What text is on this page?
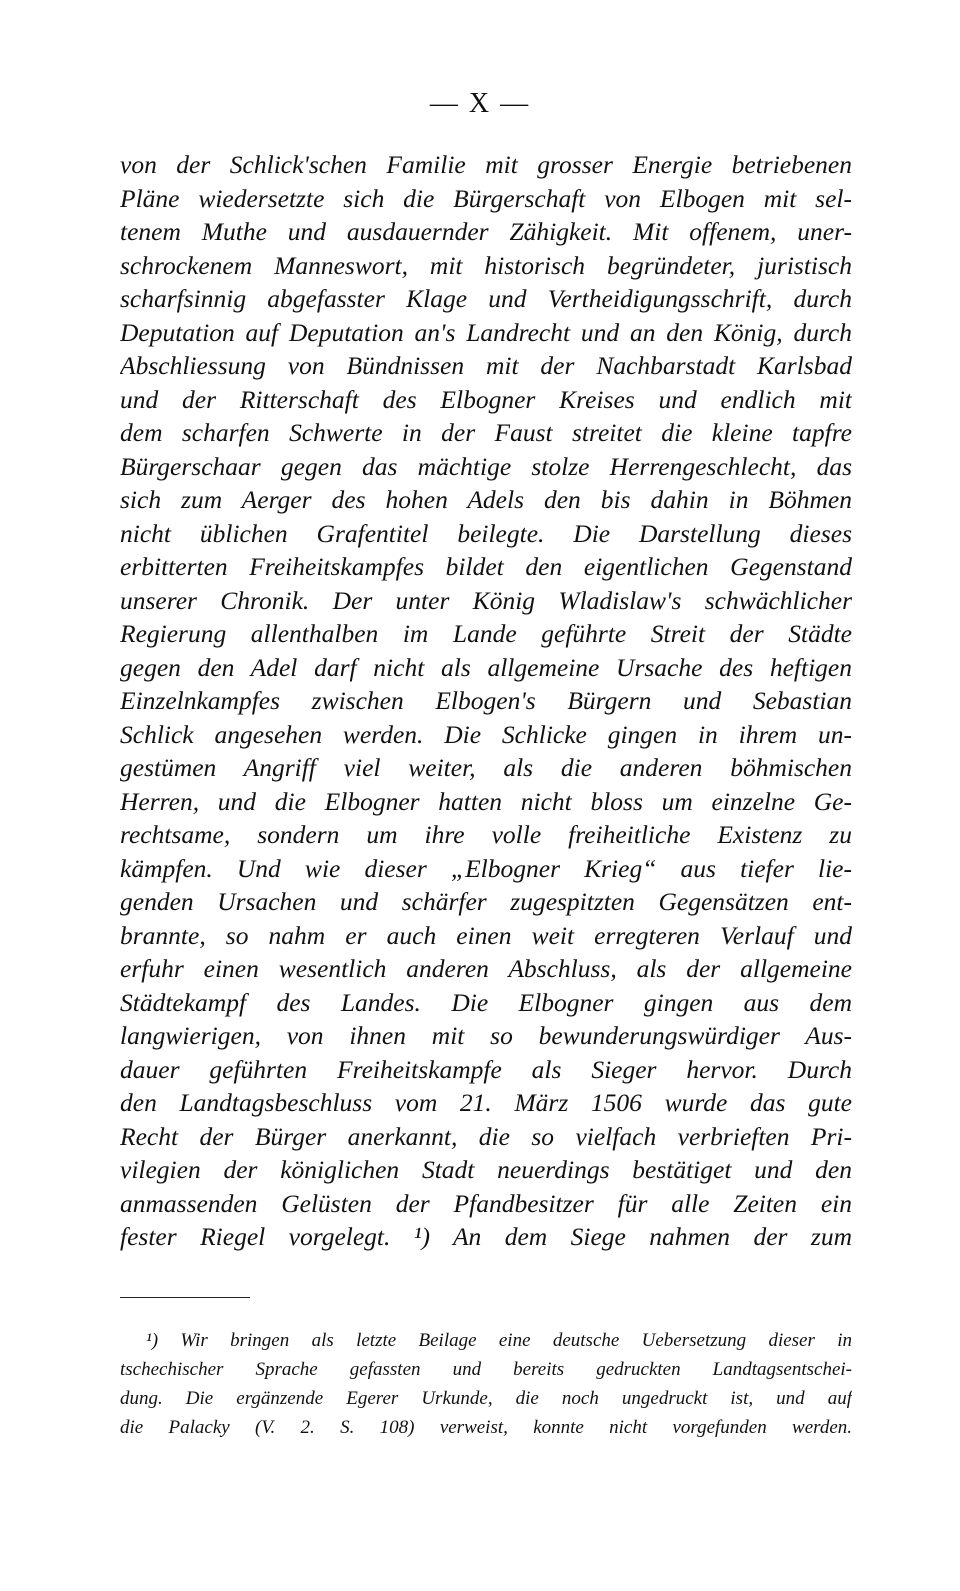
— X —
von der Schlick'schen Familie mit grosser Energie betriebenen
Pläne wiedersetzte sich die Bürgerschaft von Elbogen mit sel-
tenem Muthe und ausdauernder Zähigkeit. Mit offenem, uner-
schrockenem Manneswort, mit historisch begründeter, juristisch
scharfsinnig abgefasster Klage und Vertheidigungsschrift, durch
Deputation auf Deputation an's Landrecht und an den König, durch
Abschliessung von Bündnissen mit der Nachbarstadt Karlsbad
und der Ritterschaft des Elbogner Kreises und endlich mit
dem scharfen Schwerte in der Faust streitet die kleine tapfre
Bürgerschaar gegen das mächtige stolze Herrengeschlecht, das
sich zum Aerger des hohen Adels den bis dahin in Böhmen
nicht üblichen Grafentitel beilegte. Die Darstellung dieses
erbitterten Freiheitskampfes bildet den eigentlichen Gegenstand
unserer Chronik. Der unter König Wladislaw's schwächlicher
Regierung allenthalben im Lande geführte Streit der Städte
gegen den Adel darf nicht als allgemeine Ursache des heftigen
Einzelnkampfes zwischen Elbogen's Bürgern und Sebastian
Schlick angesehen werden. Die Schlicke gingen in ihrem un-
gestümen Angriff viel weiter, als die anderen böhmischen
Herren, und die Elbogner hatten nicht bloss um einzelne Ge-
rechtsame, sondern um ihre volle freiheitliche Existenz zu
kämpfen. Und wie dieser „Elbogner Krieg“ aus tiefer lie-
genden Ursachen und schärfer zugespitzten Gegensätzen ent-
brannte, so nahm er auch einen weit erregteren Verlauf und
erfuhr einen wesentlich anderen Abschluss, als der allgemeine
Städtekampf des Landes. Die Elbogner gingen aus dem
langwierigen, von ihnen mit so bewunderungswürdiger Aus-
dauer geführten Freiheitskampfe als Sieger hervor. Durch
den Landtagsbeschluss vom 21. März 1506 wurde das gute
Recht der Bürger anerkannt, die so vielfach verbrieften Pri-
vilegien der königlichen Stadt neuerdings bestätiget und den
anmassenden Gelüsten der Pfandbesitzer für alle Zeiten ein
fester Riegel vorgelegt. ¹) An dem Siege nahmen der zum
¹) Wir bringen als letzte Beilage eine deutsche Uebersetzung dieser in
tschechischer Sprache gefassten und bereits gedruckten Landtagsentschei-
dung. Die ergänzende Egerer Urkunde, die noch ungedruckt ist, und auf
die Palacky (V. 2. S. 108) verweist, konnte nicht vorgefunden werden.
